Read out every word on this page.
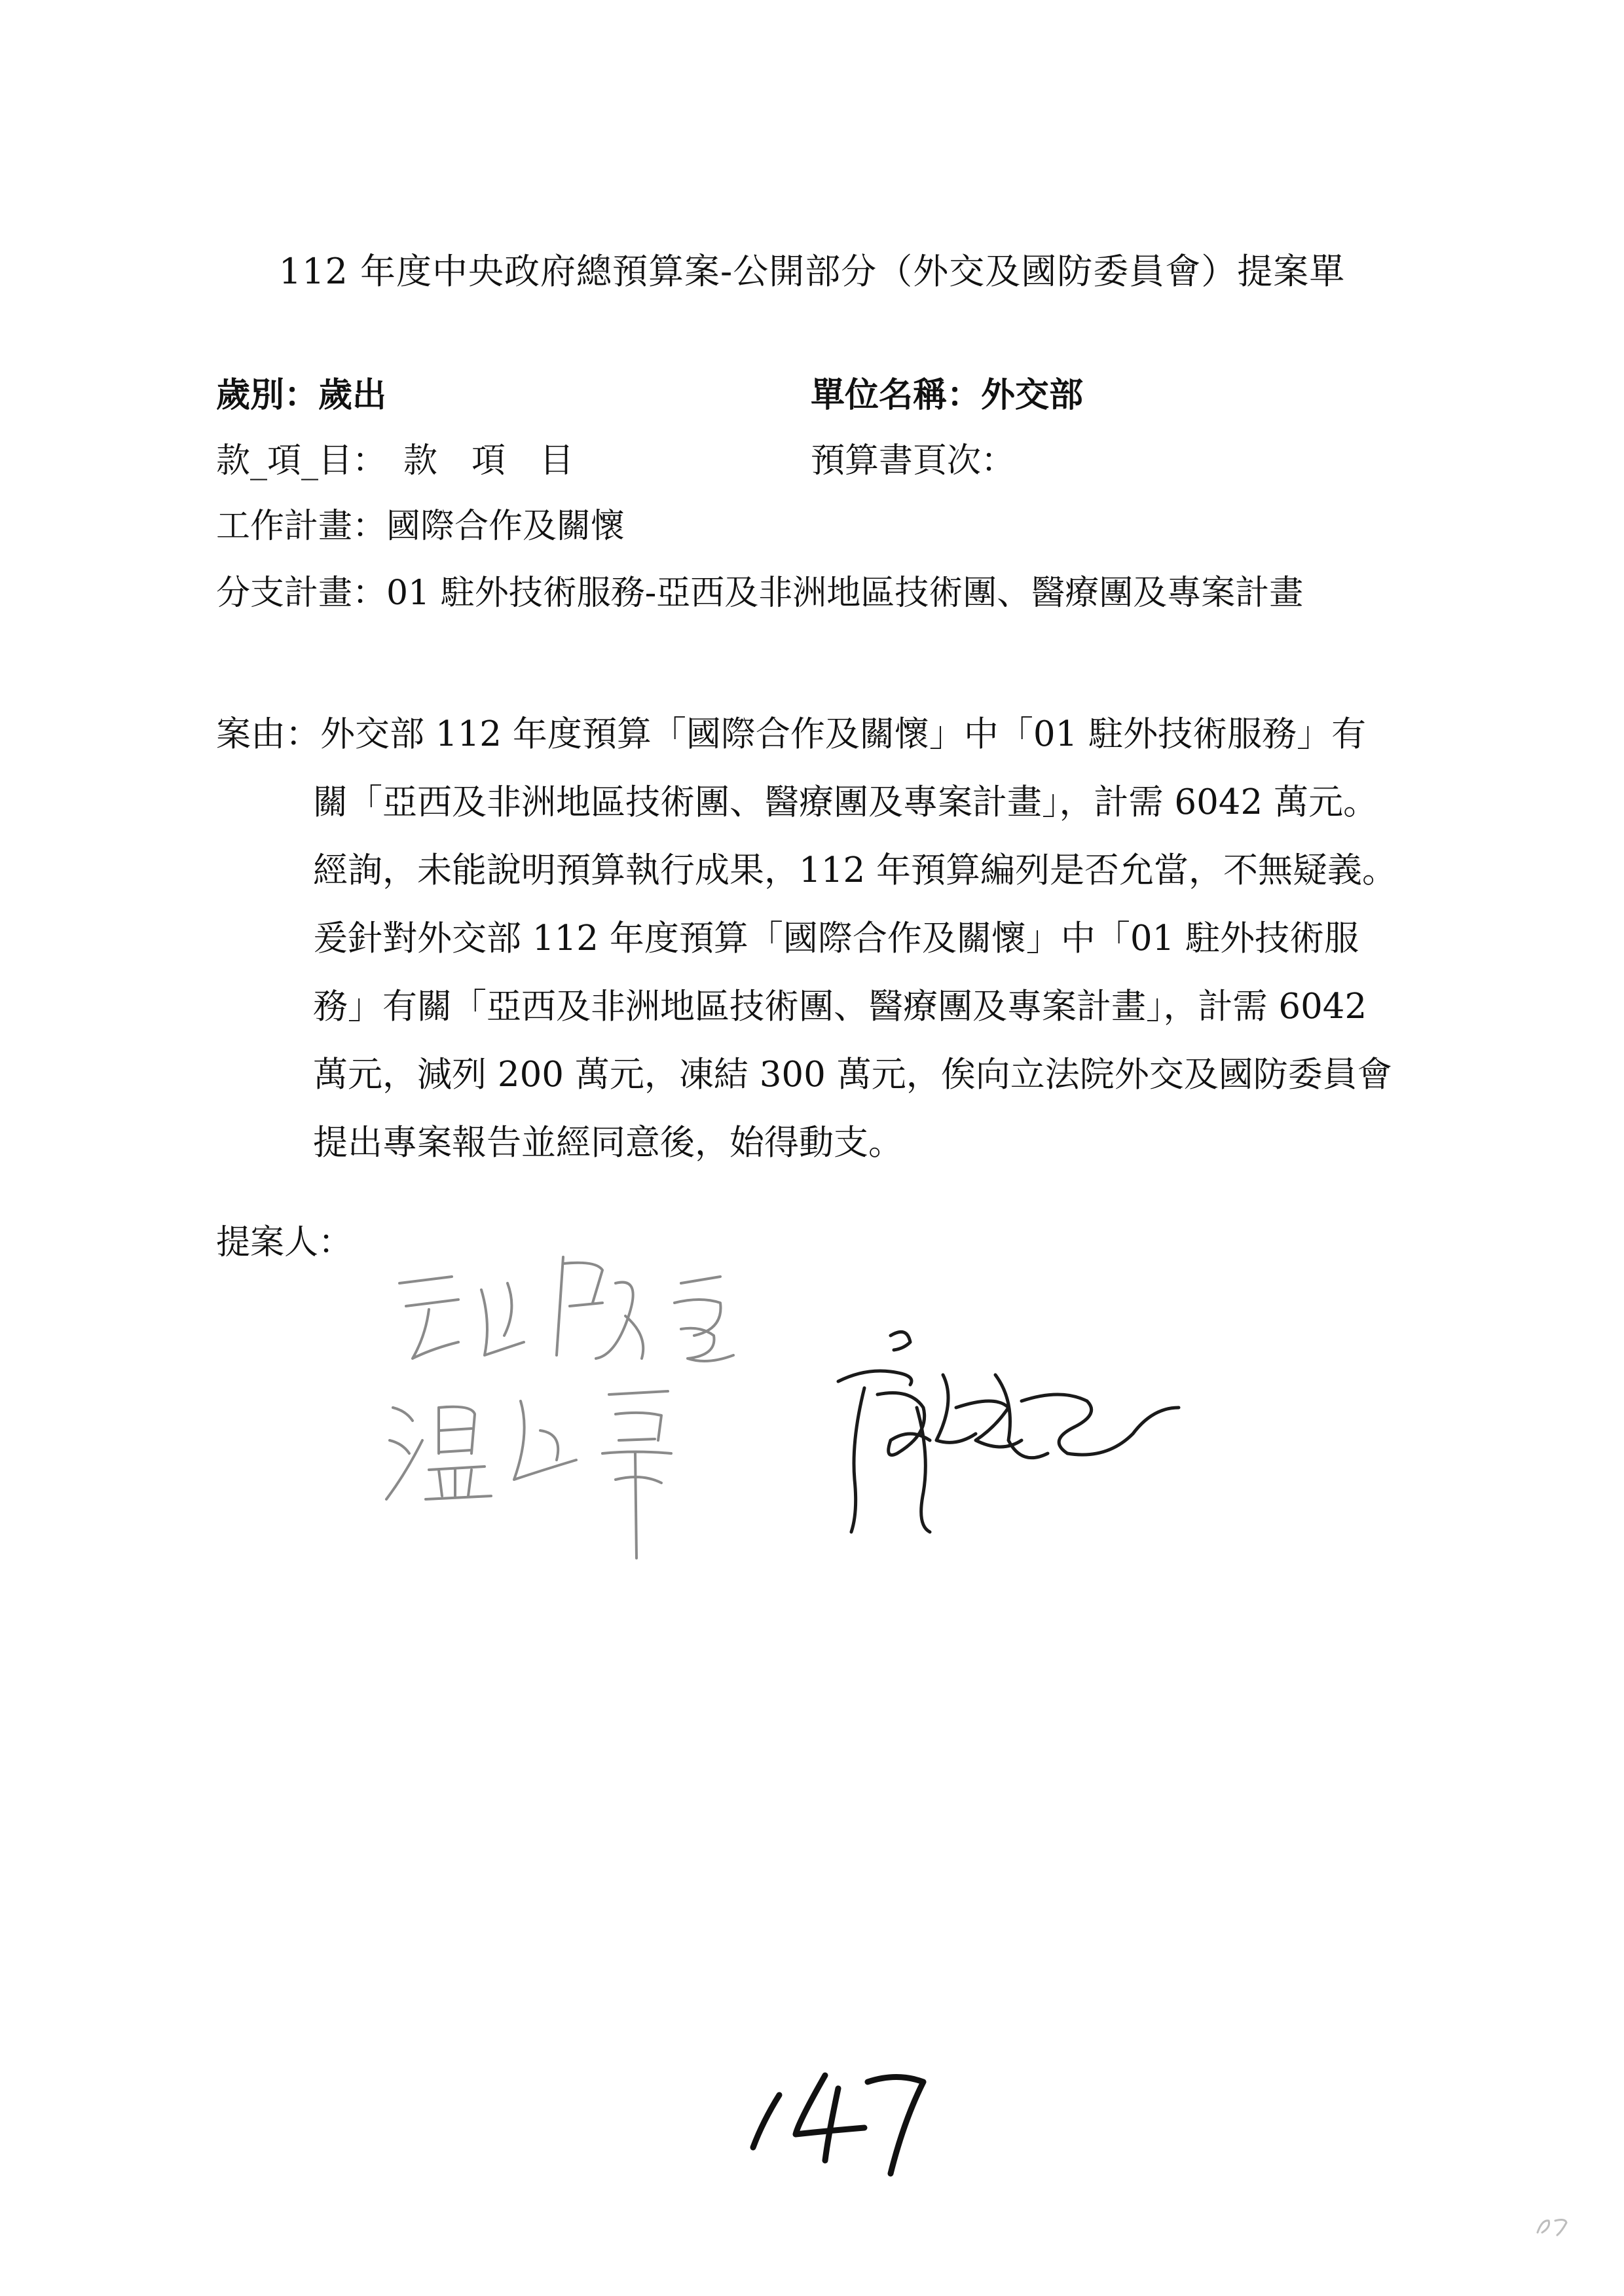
112 年度中央政府總預算案-公開部分（外交及國防委員會）提案單
歲別：歲出	單位名稱：外交部
款_項_目：　款　項　目	預算書頁次：
工作計畫：國際合作及關懷
分支計畫：01 駐外技術服務-亞西及非洲地區技術團、醫療團及專案計畫
案由：外交部 112 年度預算「國際合作及關懷」中「01 駐外技術服務」有
關「亞西及非洲地區技術團、醫療團及專案計畫」，計需 6042 萬元。
經詢，未能說明預算執行成果，112 年預算編列是否允當，不無疑義。
爰針對外交部 112 年度預算「國際合作及關懷」中「01 駐外技術服
務」有關「亞西及非洲地區技術團、醫療團及專案計畫」，計需 6042
萬元，減列 200 萬元，凍結 300 萬元，俟向立法院外交及國防委員會
提出專案報告並經同意後，始得動支。
提案人：
